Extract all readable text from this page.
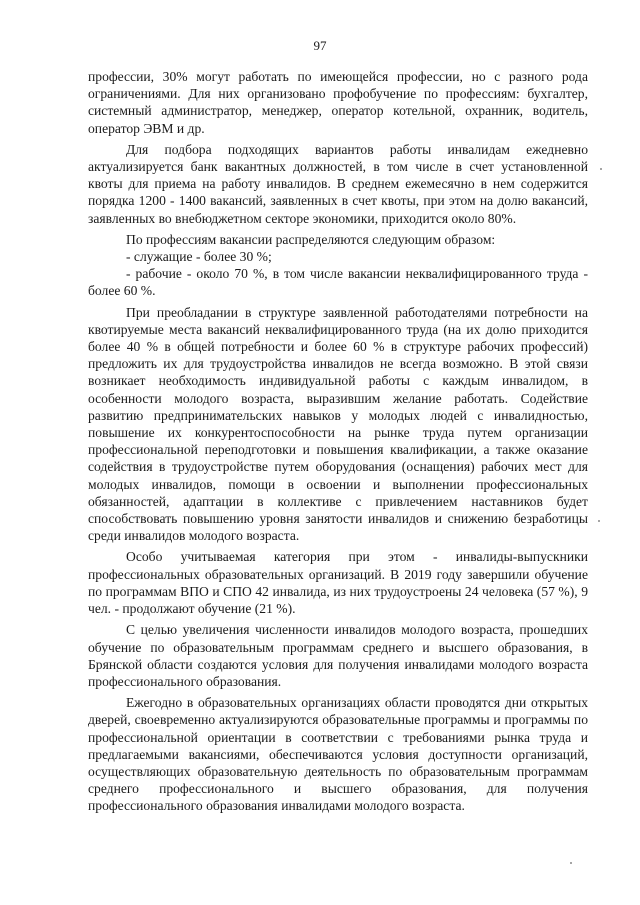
97

профессии, 30% могут работать по имеющейся профессии, но с разного рода ограничениями. Для них организовано профобучение по профессиям: бухгалтер, системный администратор, менеджер, оператор котельной, охранник, водитель, оператор ЭВМ и др.

Для подбора подходящих вариантов работы инвалидам ежедневно актуализируется банк вакантных должностей, в том числе в счет установленной квоты для приема на работу инвалидов. В среднем ежемесячно в нем содержится порядка 1200 - 1400 вакансий, заявленных в счет квоты, при этом на долю вакансий, заявленных во внебюджетном секторе экономики, приходится около 80%.

По профессиям вакансии распределяются следующим образом:

- служащие - более 30 %;

- рабочие - около 70 %, в том числе вакансии неквалифицированного труда - более 60 %.

При преобладании в структуре заявленной работодателями потребности на квотируемые места вакансий неквалифицированного труда (на их долю приходится более 40 % в общей потребности и более 60 % в структуре рабочих профессий) предложить их для трудоустройства инвалидов не всегда возможно. В этой связи возникает необходимость индивидуальной работы с каждым инвалидом, в особенности молодого возраста, выразившим желание работать. Содействие развитию предпринимательских навыков у молодых людей с инвалидностью, повышение их конкурентоспособности на рынке труда путем организации профессиональной переподготовки и повышения квалификации, а также оказание содействия в трудоустройстве путем оборудования (оснащения) рабочих мест для молодых инвалидов, помощи в освоении и выполнении профессиональных обязанностей, адаптации в коллективе с привлечением наставников будет способствовать повышению уровня занятости инвалидов и снижению безработицы среди инвалидов молодого возраста.

Особо учитываемая категория при этом - инвалиды-выпускники профессиональных образовательных организаций. В 2019 году завершили обучение по программам ВПО и СПО 42 инвалида, из них трудоустроены 24 человека (57 %), 9 чел. - продолжают обучение (21 %).

С целью увеличения численности инвалидов молодого возраста, прошедших обучение по образовательным программам среднего и высшего образования, в Брянской области создаются условия для получения инвалидами молодого возраста профессионального образования.

Ежегодно в образовательных организациях области проводятся дни открытых дверей, своевременно актуализируются образовательные программы и программы по профессиональной ориентации в соответствии с требованиями рынка труда и предлагаемыми вакансиями, обеспечиваются условия доступности организаций, осуществляющих образовательную деятельность по образовательным программам среднего профессионального и высшего образования, для получения профессионального образования инвалидами молодого возраста.
